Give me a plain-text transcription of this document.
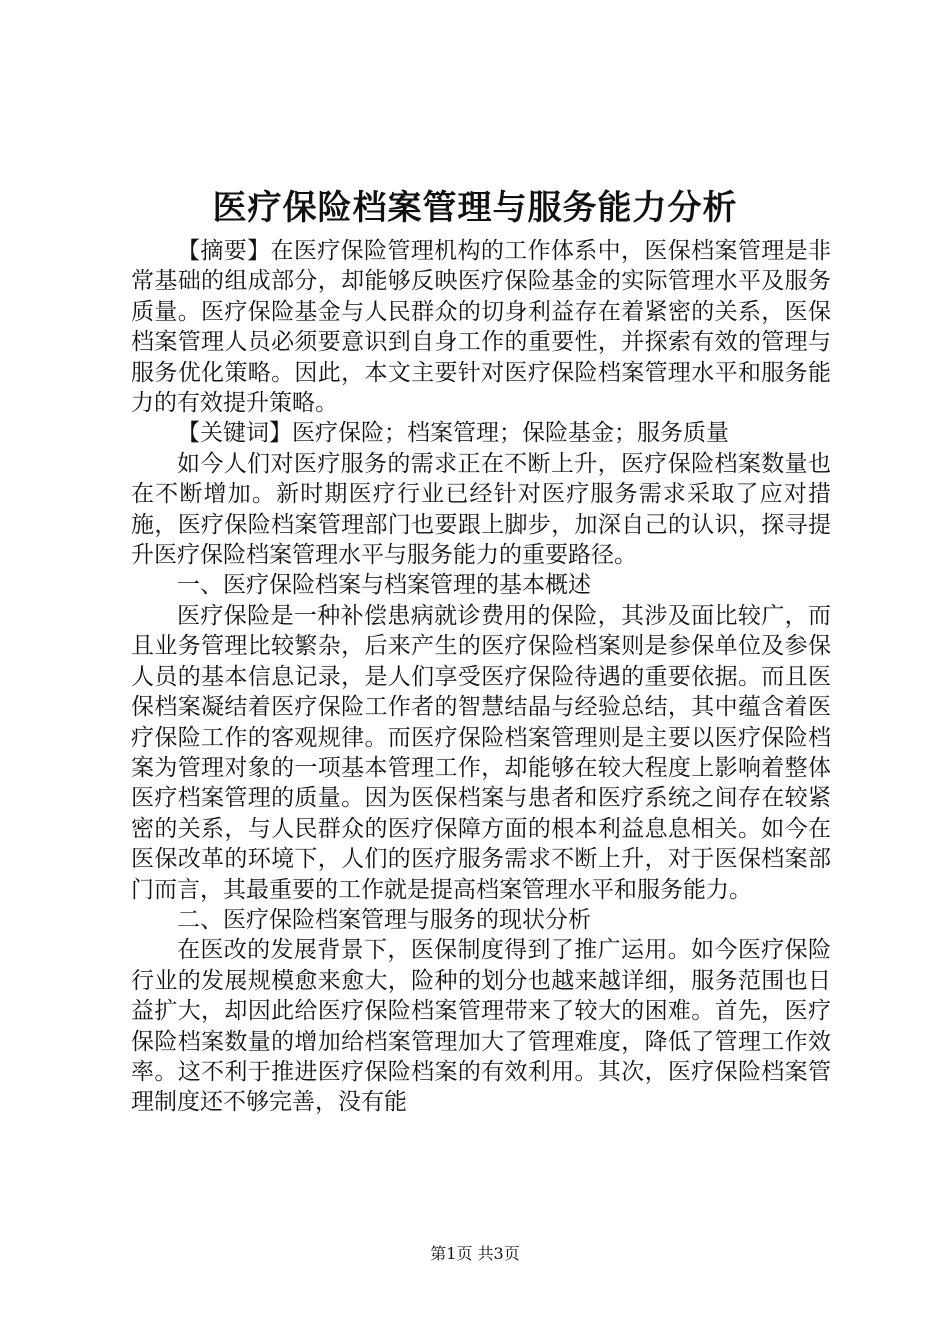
医疗保险档案管理与服务能力分析

【摘要】在医疗保险管理机构的工作体系中，医保档案管理是非常基础的组成部分，却能够反映医疗保险基金的实际管理水平及服务质量。医疗保险基金与人民群众的切身利益存在着紧密的关系，医保档案管理人员必须要意识到自身工作的重要性，并探索有效的管理与服务优化策略。因此，本文主要针对医疗保险档案管理水平和服务能力的有效提升策略。

【关键词】医疗保险；档案管理；保险基金；服务质量

如今人们对医疗服务的需求正在不断上升，医疗保险档案数量也在不断增加。新时期医疗行业已经针对医疗服务需求采取了应对措施，医疗保险档案管理部门也要跟上脚步，加深自己的认识，探寻提升医疗保险档案管理水平与服务能力的重要路径。

一、医疗保险档案与档案管理的基本概述

医疗保险是一种补偿患病就诊费用的保险，其涉及面比较广，而且业务管理比较繁杂，后来产生的医疗保险档案则是参保单位及参保人员的基本信息记录，是人们享受医疗保险待遇的重要依据。而且医保档案凝结着医疗保险工作者的智慧结晶与经验总结，其中蕴含着医疗保险工作的客观规律。而医疗保险档案管理则是主要以医疗保险档案为管理对象的一项基本管理工作，却能够在较大程度上影响着整体医疗档案管理的质量。因为医保档案与患者和医疗系统之间存在较紧密的关系，与人民群众的医疗保障方面的根本利益息息相关。如今在医保改革的环境下，人们的医疗服务需求不断上升，对于医保档案部门而言，其最重要的工作就是提高档案管理水平和服务能力。

二、医疗保险档案管理与服务的现状分析

在医改的发展背景下，医保制度得到了推广运用。如今医疗保险行业的发展规模愈来愈大，险种的划分也越来越详细，服务范围也日益扩大，却因此给医疗保险档案管理带来了较大的困难。首先，医疗保险档案数量的增加给档案管理加大了管理难度，降低了管理工作效率。这不利于推进医疗保险档案的有效利用。其次，医疗保险档案管理制度还不够完善，没有能

第1页 共3页
